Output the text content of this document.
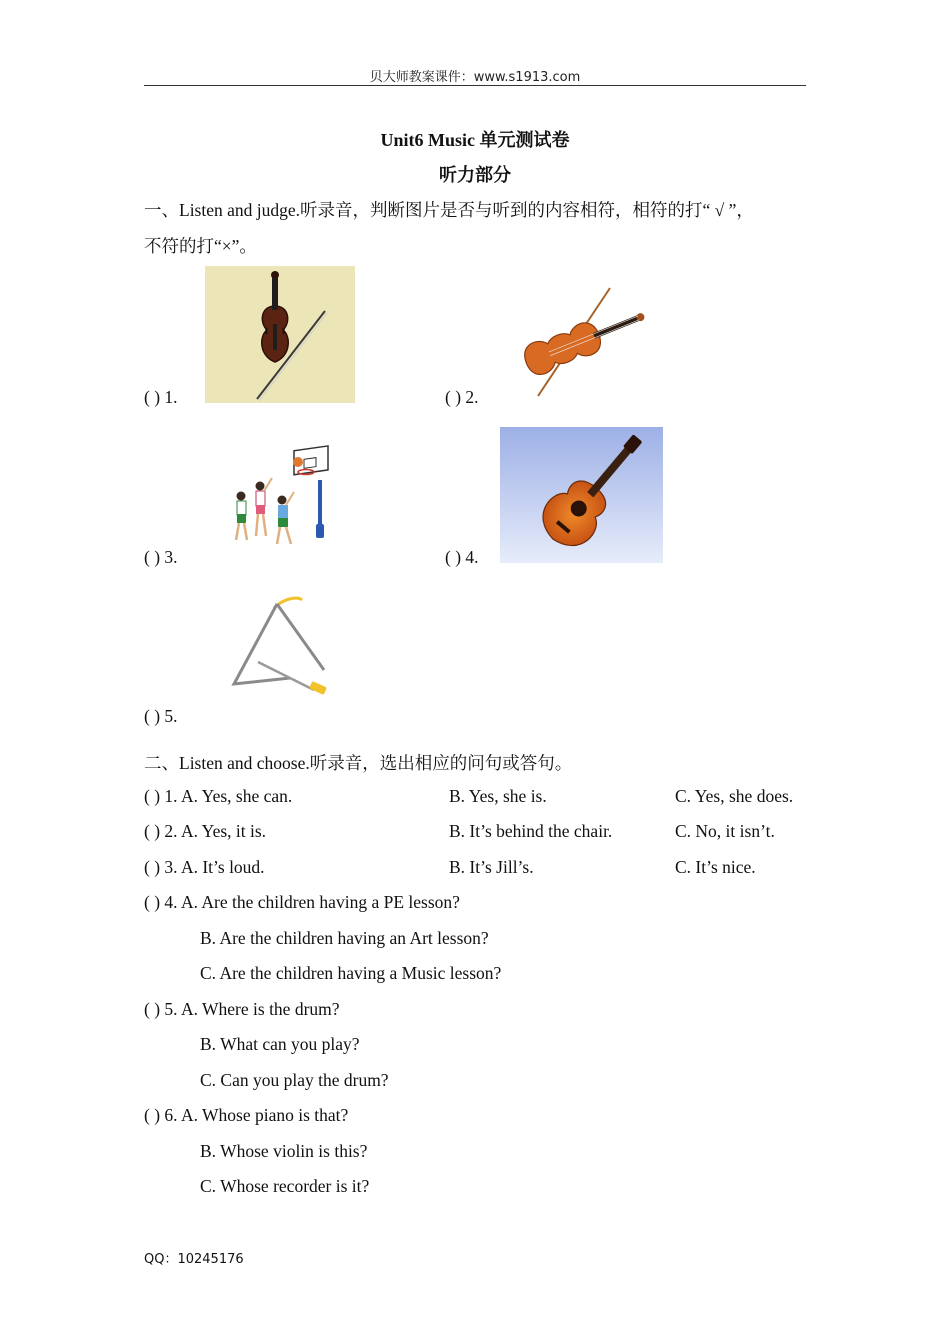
贝大师教案课件：www.s1913.com
Unit6 Music 单元测试卷
听力部分
一、Listen and judge.听录音，判断图片是否与听到的内容相符，相符的打“ √ ”，
不符的打“×”。
( ) 1.	( ) 2.
( ) 3.	( ) 4.
( ) 5.
二、Listen and choose.听录音，选出相应的问句或答句。
( ) 1. A. Yes, she can.	B. Yes, she is.	C. Yes, she does.
( ) 2. A. Yes, it is.	B. It’s behind the chair.	C. No, it isn’t.
( ) 3. A. It’s loud.	B. It’s Jill’s.	C. It’s nice.
( ) 4. A. Are the children having a PE lesson?
B. Are the children having an Art lesson?
C. Are the children having a Music lesson?
( ) 5. A. Where is the drum?
B. What can you play?
C. Can you play the drum?
( ) 6. A. Whose piano is that?
B. Whose violin is this?
C. Whose recorder is it?
QQ：10245176
